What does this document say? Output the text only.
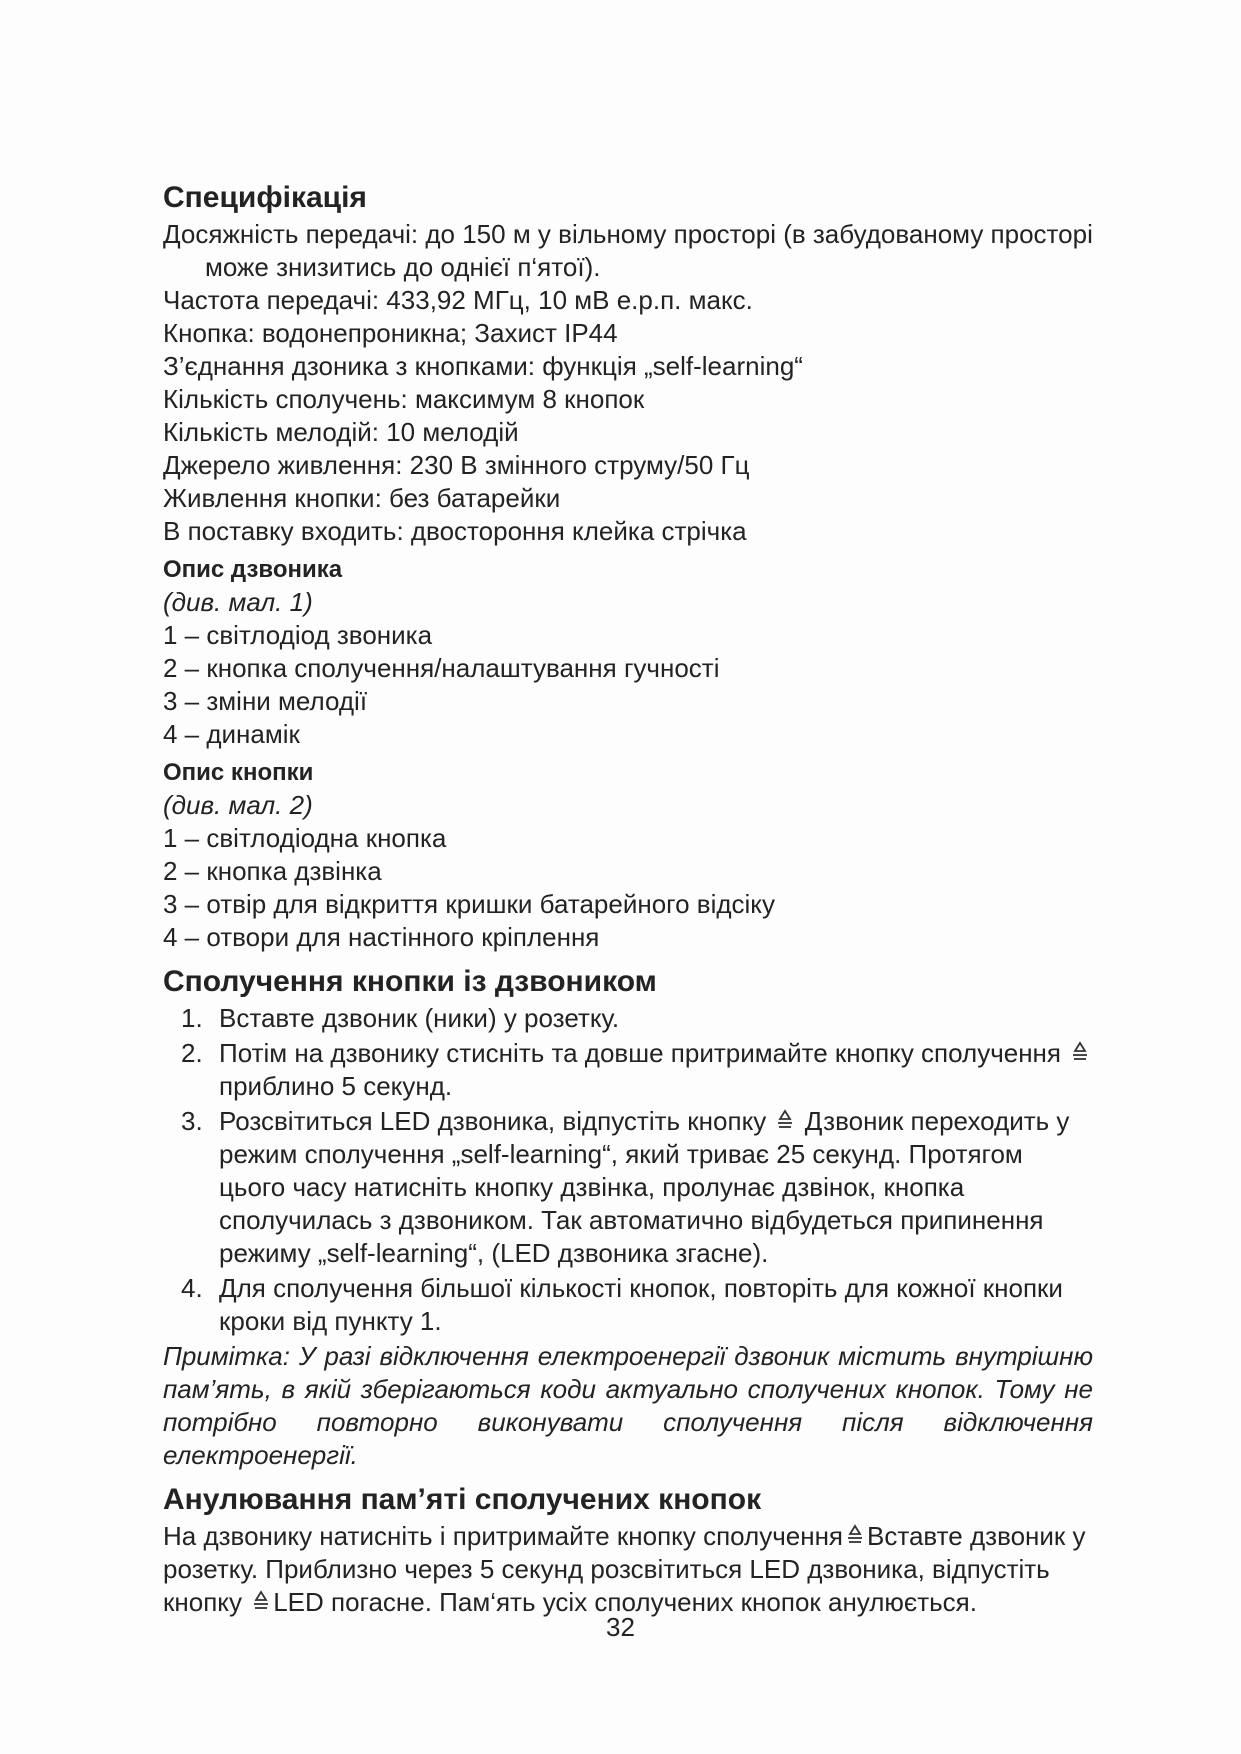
Специфікація

Досяжність передачі: до 150 м у вільному просторі (в забудованому просторі може знизитись до однієї п‘ятої).

Частота передачі: 433,92 МГц, 10 мВ е.р.п. макс.

Кнопка: водонепроникна; Захист IP44

З’єднання дзоника з кнопками: функція „self-learning“

Кількість сполучень: максимум 8 кнопок

Кількість мелодій: 10 мелодій

Джерело живлення: 230 В змінного струму/50 Гц

Живлення кнопки: без батарейки

В поставку входить: двостороння клейка стрічка

Опис дзвоника

(див. мал. 1)

1 – світлодіод звоника

2 – кнопка сполучення/налаштування гучності

3 – зміни мелодії

4 – динамік

Опис кнопки

(див. мал. 2)

1 – світлодіодна кнопка

2 – кнопка дзвінка

3 – отвір для відкриття кришки батарейного відсіку

4 – отвори для настінного кріплення

Сполучення кнопки із дзвоником
1. Вставте дзвоник (ники) у розетку.
2. Потім на дзвонику стисніть та довше притримайте кнопку сполучення  приблино 5 секунд.
3. Розсвітиться LED дзвоника, відпустіть кнопку Дзвоник переходить у режим сполучення „self-learning“, який триває 25 секунд. Протягом цього часу натисніть кнопку дзвінка, пролунає дзвінок, кнопка сполучилась з дзвоником. Так автоматично відбудеться припинення режиму „self-learning“, (LED дзвоника згасне).
4. Для сполучення більшої кількості кнопок, повторіть для кожної кнопки кроки від пункту 1.

Примітка: У разі відключення електроенергії дзвоник містить внутрішню пам’ять, в якій зберігаються коди актуально сполучених кнопок. Тому не потрібно повторно виконувати сполучення після відключення електроенергії.

Анулювання пам’яті сполучених кнопок

На дзвонику натисніть і притримайте кнопку сполучення Вставте дзвоник у розетку. Приблизно через 5 секунд розсвітиться LED дзвоника, відпустіть кнопку LED погасне. Пам‘ять усіх сполучених кнопок анулюється.

32
